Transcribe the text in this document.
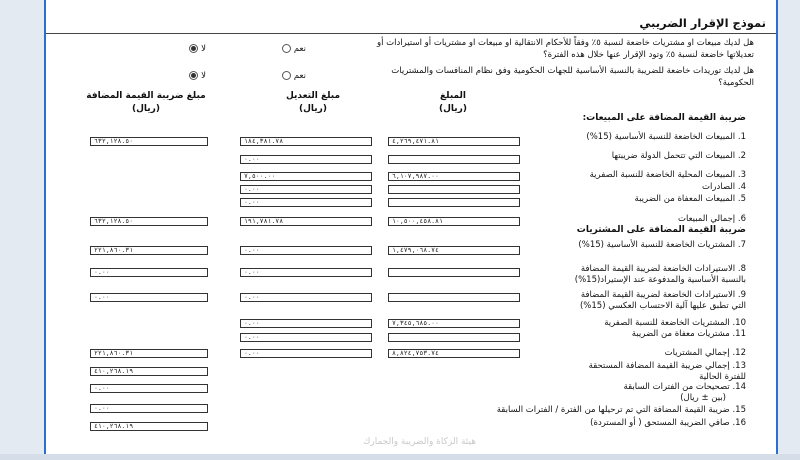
نموذج الإقرار الضريبي
هل لديك مبيعات او مشتريات خاضعة لنسبة ٥٪ وفقاً للأحكام الانتقالية او مبيعات او مشتريات أو استيرادات أو تعديلاتها خاضعة لنسبة ٥٪ وتود الإقرار عنها خلال هذه الفترة؟
نعم
لا
هل لديك توريدات خاضعة للضريبة بالنسبة الأساسية للجهات الحكومية وفق نظام المنافسات والمشتريات الحكومية؟
نعم
لا
المبلغ
(ريال)
مبلغ التعديل
(ريال)
مبلغ ضريبة القيمة المضافة
(ريال)
ضريبة القيمة المضافة على المبيعات:
1. المبيعات الخاضعة للنسبة الأساسية (15%)
٤,٢٦٩,٤٧١.٨١
١٨٤,٣٨١.٧٨
٦٣٢,١٢٨.٥٠
2. المبيعات التي تتحمل الدولة ضريبتها
٠.٠٠
3. المبيعات المحلية الخاضعة للنسبة الصفرية
٦,١٠٧,٩٨٧.٠٠
٧,٥٠٠.٠٠
4. الصادرات
٠.٠٠
5. المبيعات المعفاة من الضريبة
٠.٠٠
6. إجمالي المبيعات
١٠,٥٠٠,٤٥٨.٨١
١٩١,٧٨١.٧٨
٦٣٢,١٢٨.٥٠
ضريبة القيمة المضافة على المشتريات
7. المشتريات الخاضعة للنسبة الأساسية (15%)
١,٤٧٩,٠٦٨.٧٤
٠.٠٠
٢٢١,٨٦٠.٣١
8. الاستيرادات الخاضعة لضريبة القيمة المضافة
بالنسبة الأساسية والمدفوعة عند الإستيراد(15%)
٠.٠٠
٠.٠٠
9. الاستيرادات الخاضعة لضريبة القيمة المضافة
التي تطبق عليها آلية الاحتساب العكسي (15%)
٠.٠٠
٠.٠٠
10. المشتريات الخاضعة للنسبة الصفرية
٧,٣٤٥,٦٨٥.٠٠
٠.٠٠
11. مشتريات معفاة من الضريبة
٠.٠٠
12. إجمالي المشتريات
٨,٨٢٤,٧٥٣.٧٤
٠.٠٠
٢٢١,٨٦٠.٣١
13. إجمالي ضريبة القيمة المضافة المستحقة
للفترة الحالية
٤١٠,٢٦٨.١٩
14. تصحيحات من الفترات السابقة
(بين ± ريال)
٠.٠٠
15. ضريبة القيمة المضافة التي تم ترحيلها من الفترة / الفترات السابقة
٠.٠٠
16. صافي الضريبة المستحق ( أو المستردة)
٤١٠,٢٦٨.١٩
هيئة الزكاة والضريبة والجمارك
